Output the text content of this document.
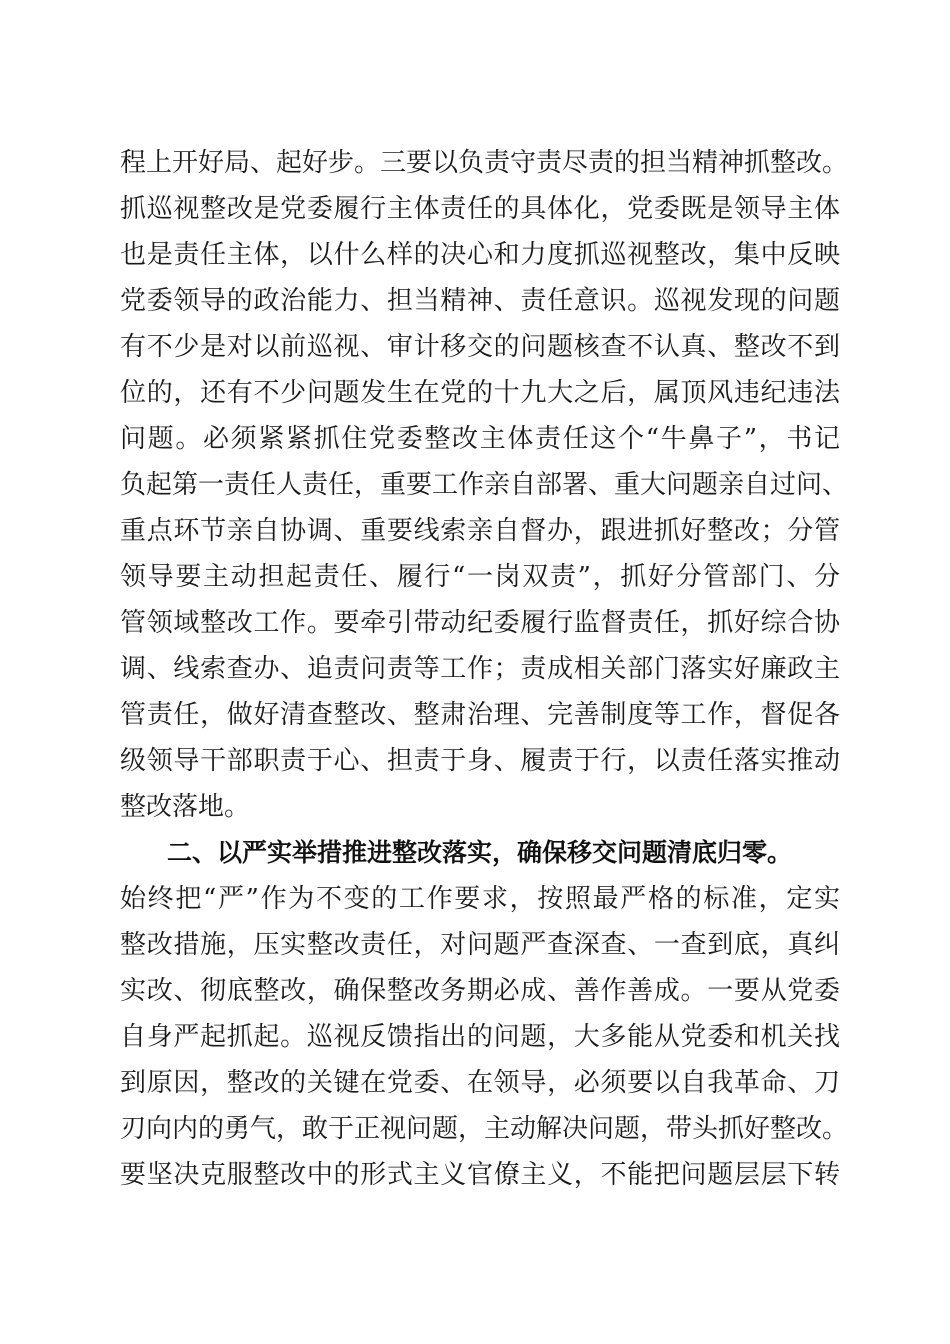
程上开好局、起好步。三要以负责守责尽责的担当精神抓整改。
抓巡视整改是党委履行主体责任的具体化，党委既是领导主体
也是责任主体，以什么样的决心和力度抓巡视整改，集中反映
党委领导的政治能力、担当精神、责任意识。巡视发现的问题
有不少是对以前巡视、审计移交的问题核查不认真、整改不到
位的，还有不少问题发生在党的十九大之后，属顶风违纪违法
问题。必须紧紧抓住党委整改主体责任这个“牛鼻子”，书记
负起第一责任人责任，重要工作亲自部署、重大问题亲自过问、
重点环节亲自协调、重要线索亲自督办，跟进抓好整改；分管
领导要主动担起责任、履行“一岗双责”，抓好分管部门、分
管领域整改工作。要牵引带动纪委履行监督责任，抓好综合协
调、线索查办、追责问责等工作；责成相关部门落实好廉政主
管责任，做好清查整改、整肃治理、完善制度等工作，督促各
级领导干部职责于心、担责于身、履责于行，以责任落实推动
整改落地。
二、以严实举措推进整改落实，确保移交问题清底归零。
始终把“严”作为不变的工作要求，按照最严格的标准，定实
整改措施，压实整改责任，对问题严查深查、一查到底，真纠
实改、彻底整改，确保整改务期必成、善作善成。一要从党委
自身严起抓起。巡视反馈指出的问题，大多能从党委和机关找
到原因，整改的关键在党委、在领导，必须要以自我革命、刀
刃向内的勇气，敢于正视问题，主动解决问题，带头抓好整改。
要坚决克服整改中的形式主义官僚主义，不能把问题层层下转
